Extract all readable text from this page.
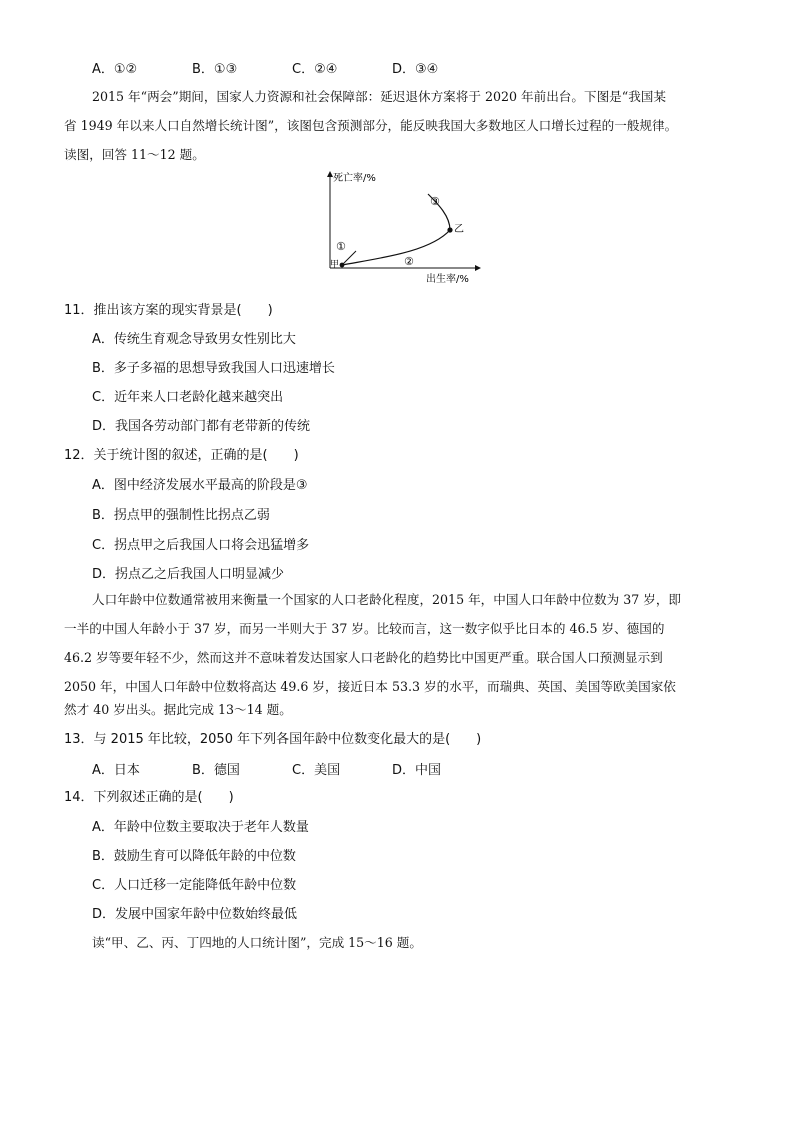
A．①②	B．①③	C．②④	D．③④
2015 年“两会”期间，国家人力资源和社会保障部：延迟退休方案将于 2020 年前出台。下图是“我国某
省 1949 年以来人口自然增长统计图”，该图包含预测部分，能反映我国大多数地区人口增长过程的一般规律。
读图，回答 11～12 题。
死亡率/%
出生率/%
甲
乙
①
②
③
11．推出该方案的现实背景是(　　)
A．传统生育观念导致男女性别比大
B．多子多福的思想导致我国人口迅速增长
C．近年来人口老龄化越来越突出
D．我国各劳动部门都有老带新的传统
12．关于统计图的叙述，正确的是(　　)
A．图中经济发展水平最高的阶段是③
B．拐点甲的强制性比拐点乙弱
C．拐点甲之后我国人口将会迅猛增多
D．拐点乙之后我国人口明显减少
人口年龄中位数通常被用来衡量一个国家的人口老龄化程度，2015 年，中国人口年龄中位数为 37 岁，即
一半的中国人年龄小于 37 岁，而另一半则大于 37 岁。比较而言，这一数字似乎比日本的 46.5 岁、德国的
46.2 岁等要年轻不少，然而这并不意味着发达国家人口老龄化的趋势比中国更严重。联合国人口预测显示到
2050 年，中国人口年龄中位数将高达 49.6 岁，接近日本 53.3 岁的水平，而瑞典、英国、美国等欧美国家依
然才 40 岁出头。据此完成 13～14 题。
13．与 2015 年比较，2050 年下列各国年龄中位数变化最大的是(　　)
A．日本	B．德国	C．美国	D．中国
14．下列叙述正确的是(　　)
A．年龄中位数主要取决于老年人数量
B．鼓励生育可以降低年龄的中位数
C．人口迁移一定能降低年龄中位数
D．发展中国家年龄中位数始终最低
读“甲、乙、丙、丁四地的人口统计图”，完成 15～16 题。
